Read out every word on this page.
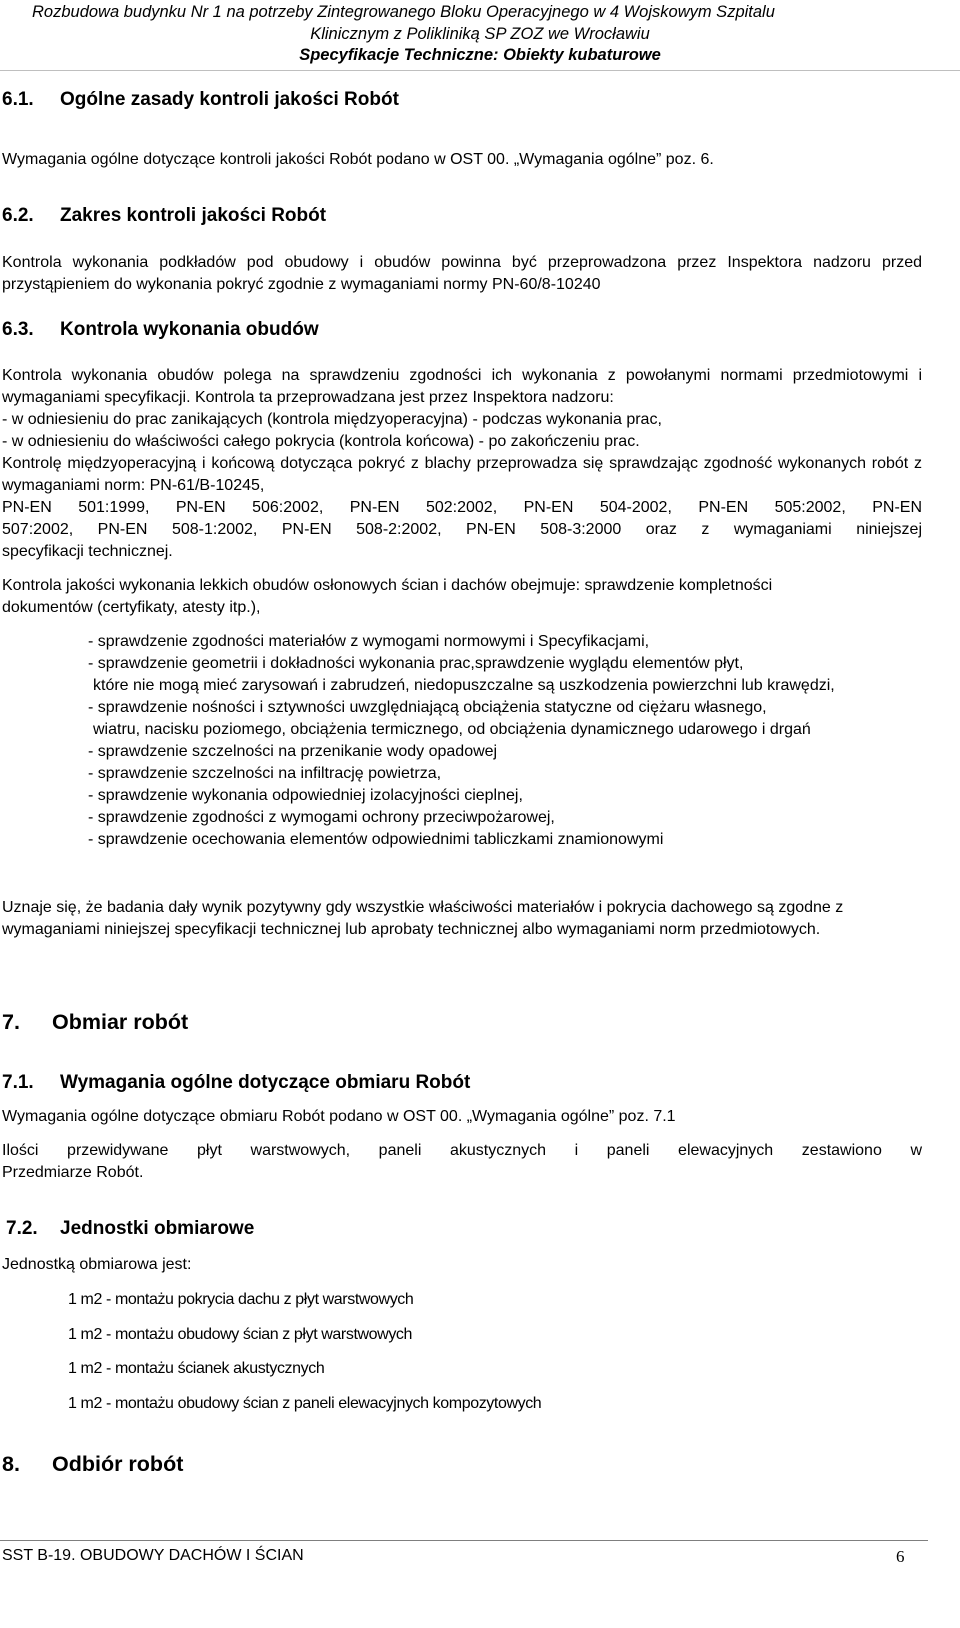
Rozbudowa budynku Nr 1 na potrzeby Zintegrowanego Bloku Operacyjnego w 4 Wojskowym Szpitalu
Klinicznym z Polikliniką SP ZOZ we Wrocławiu
Specyfikacje Techniczne: Obiekty kubaturowe
6.1. Ogólne zasady kontroli jakości Robót
Wymagania ogólne dotyczące kontroli jakości Robót podano w OST 00. „Wymagania ogólne” poz. 6.
6.2. Zakres kontroli jakości Robót
Kontrola wykonania podkładów pod obudowy i obudów powinna być przeprowadzona przez Inspektora nadzoru przed przystąpieniem do wykonania pokryć zgodnie z wymaganiami normy PN-60/8-10240
6.3. Kontrola wykonania obudów
Kontrola wykonania obudów polega na sprawdzeniu zgodności ich wykonania z powołanymi normami przedmiotowymi i wymaganiami specyfikacji. Kontrola ta przeprowadzana jest przez Inspektora nadzoru:
- w odniesieniu do prac zanikających (kontrola międzyoperacyjna) - podczas wykonania prac,
- w odniesieniu do właściwości całego pokrycia (kontrola końcowa) - po zakończeniu prac.
Kontrolę międzyoperacyjną i końcową dotycząca pokryć z blachy przeprowadza się sprawdzając zgodność wykonanych robót z wymaganiami norm: PN-61/B-10245,
PN-EN 501:1999, PN-EN 506:2002, PN-EN 502:2002, PN-EN 504-2002, PN-EN 505:2002, PN-EN
507:2002, PN-EN 508-1:2002, PN-EN 508-2:2002, PN-EN 508-3:2000 oraz z wymaganiami niniejszej
specyfikacji technicznej.
Kontrola jakości wykonania lekkich obudów osłonowych ścian i dachów obejmuje: sprawdzenie kompletności dokumentów (certyfikaty, atesty itp.),
- sprawdzenie zgodności materiałów z wymogami normowymi i Specyfikacjami,
- sprawdzenie geometrii i dokładności wykonania prac,sprawdzenie wyglądu elementów płyt,
które nie mogą mieć zarysowań i zabrudzeń, niedopuszczalne są uszkodzenia powierzchni lub krawędzi,
- sprawdzenie nośności i sztywności uwzględniającą obciążenia statyczne od ciężaru własnego,
wiatru, nacisku poziomego, obciążenia termicznego, od obciążenia dynamicznego udarowego i drgań
- sprawdzenie szczelności na przenikanie wody opadowej
- sprawdzenie szczelności na infiltrację powietrza,
- sprawdzenie wykonania odpowiedniej izolacyjności cieplnej,
- sprawdzenie zgodności z wymogami ochrony przeciwpożarowej,
- sprawdzenie ocechowania elementów odpowiednimi tabliczkami znamionowymi
Uznaje się, że badania dały wynik pozytywny gdy wszystkie właściwości materiałów i pokrycia dachowego są zgodne z wymaganiami niniejszej specyfikacji technicznej lub aprobaty technicznej albo wymaganiami norm przedmiotowych.
7. Obmiar robót
7.1. Wymagania ogólne dotyczące obmiaru Robót
Wymagania ogólne dotyczące obmiaru Robót podano w OST 00. „Wymagania ogólne” poz. 7.1
Ilości przewidywane płyt warstwowych, paneli akustycznych i paneli elewacyjnych zestawiono w
Przedmiarze Robót.
7.2. Jednostki obmiarowe
Jednostką obmiarowa jest:
1 m2 - montażu pokrycia dachu z płyt warstwowych
1 m2 - montażu obudowy ścian z płyt warstwowych
1 m2 - montażu ścianek akustycznych
1 m2 - montażu obudowy ścian z paneli elewacyjnych kompozytowych
8. Odbiór robót
SST B-19. OBUDOWY DACHÓW I ŚCIAN	6
